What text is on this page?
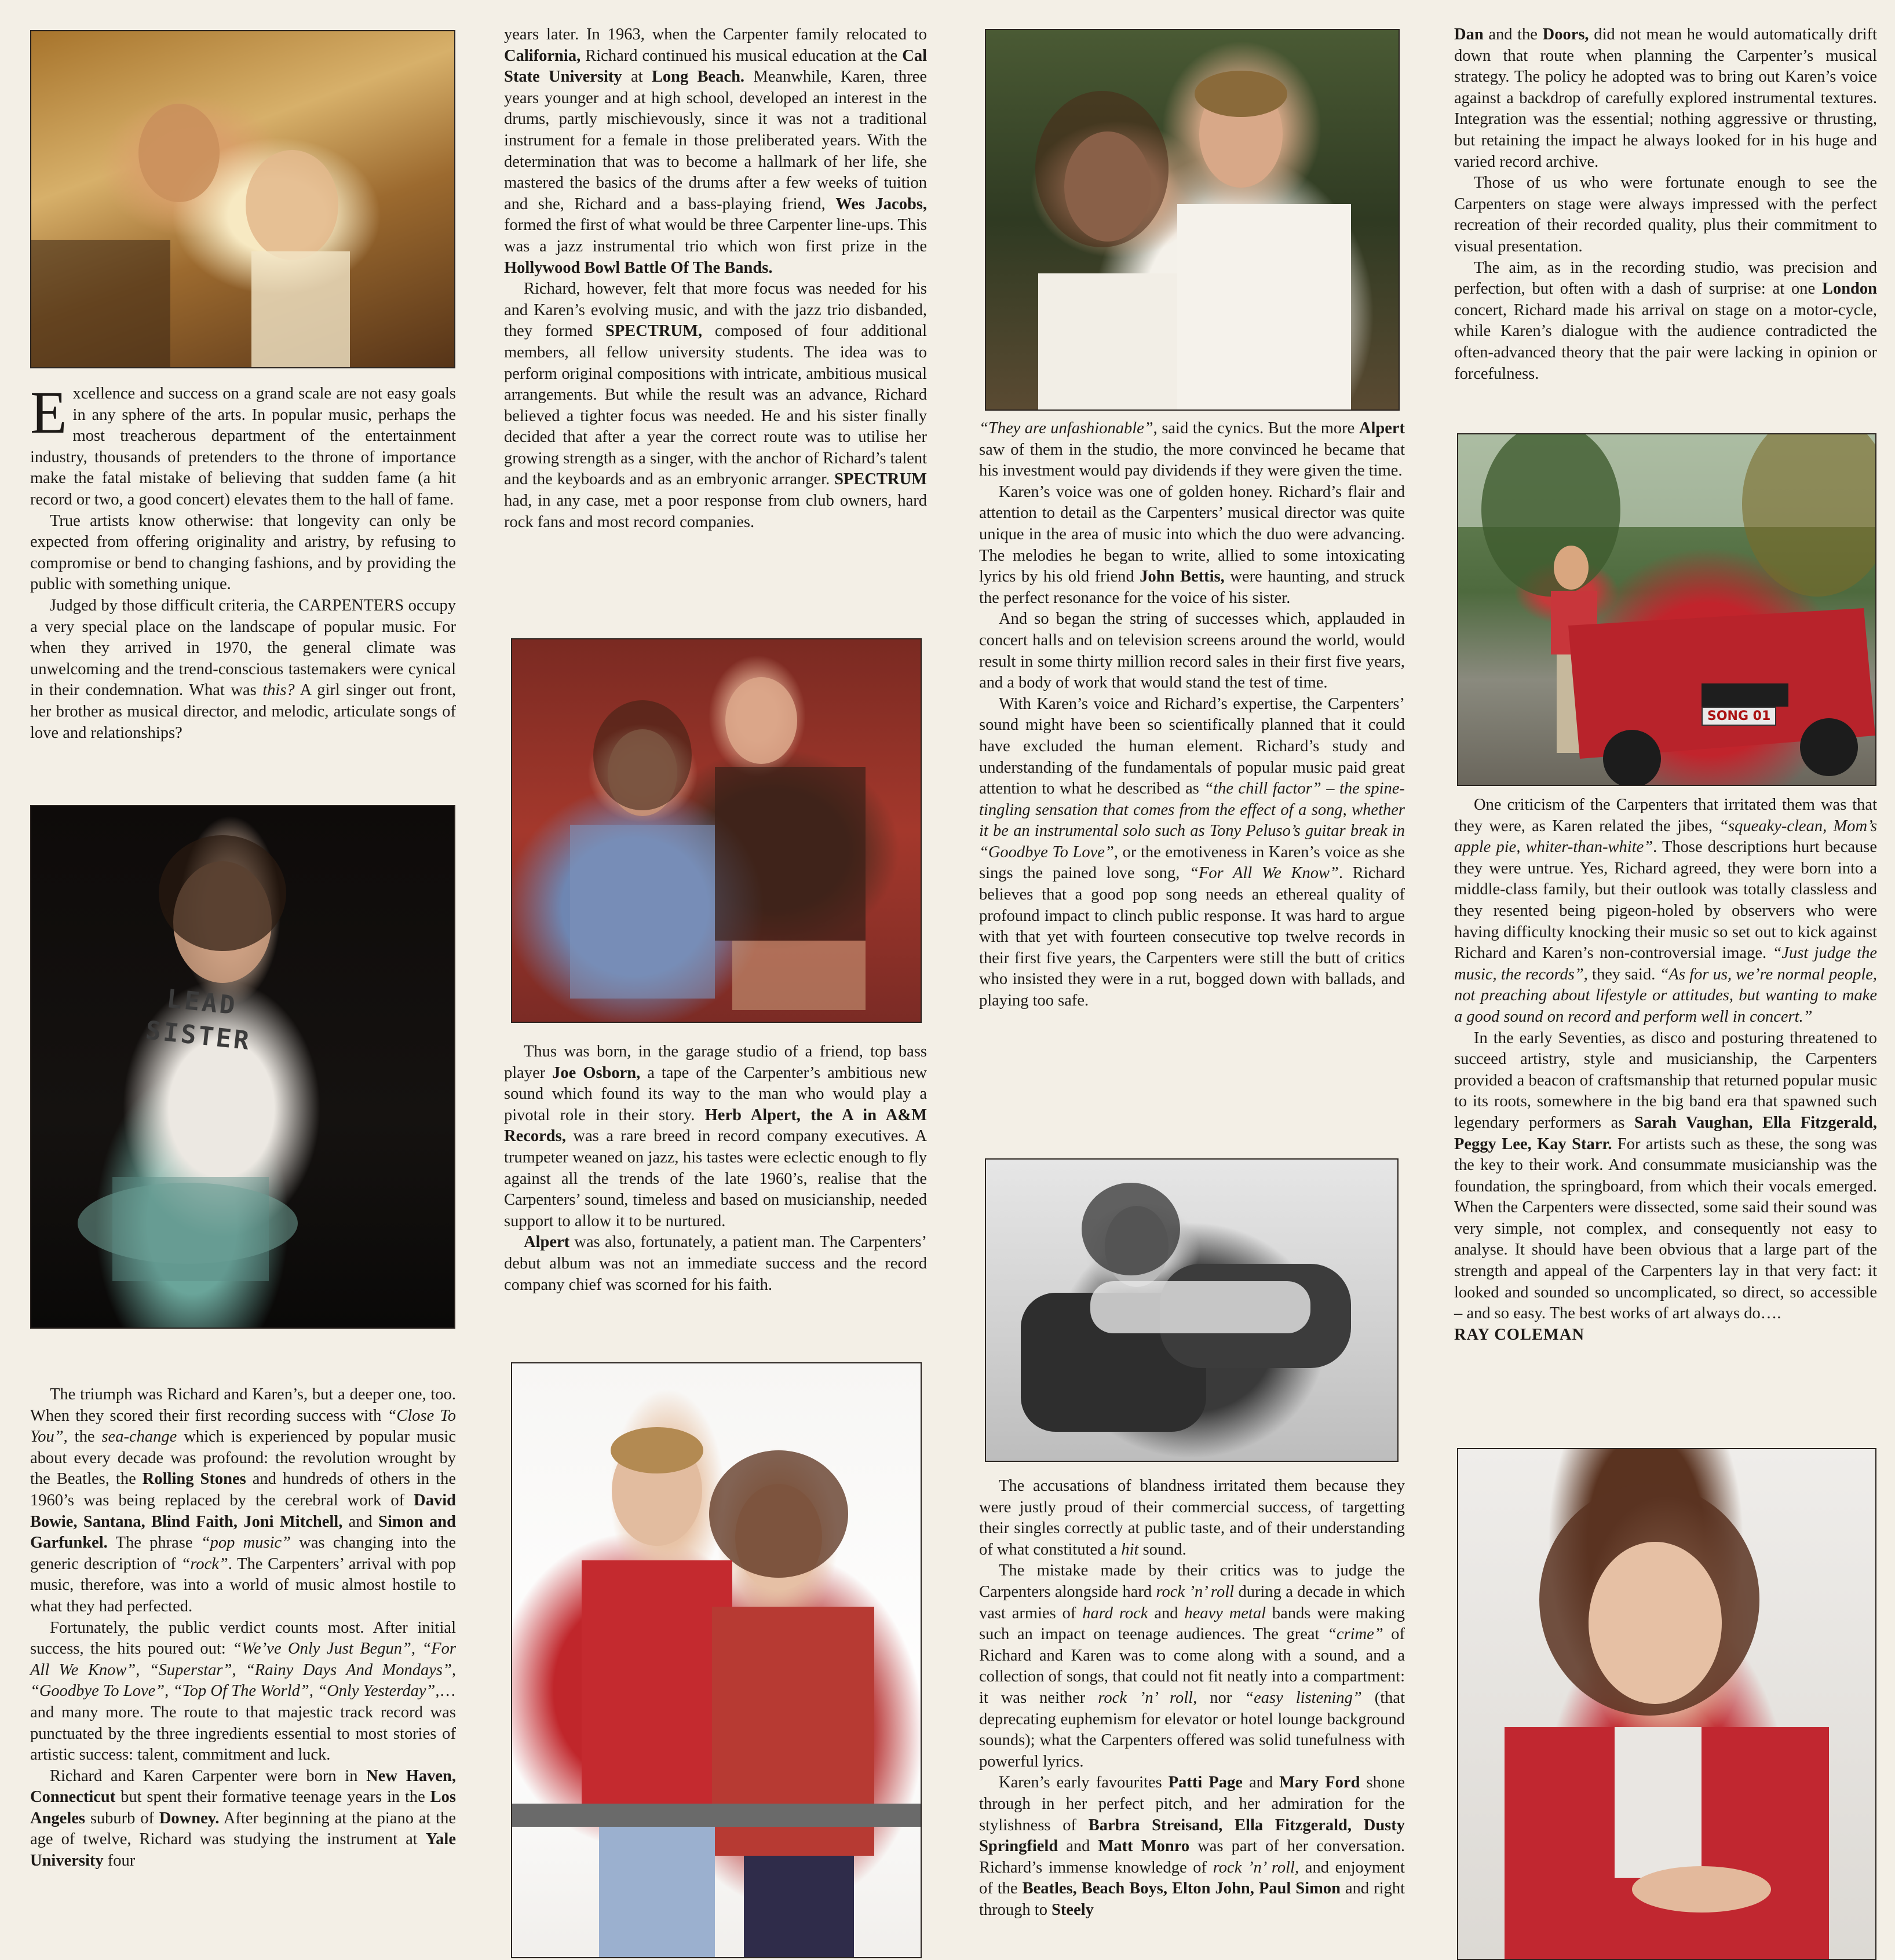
Excellence and success on a grand scale are not easy goals in any sphere of the arts. In popular music, perhaps the most treacherous department of the entertainment industry, thousands of pretenders to the throne of importance make the fatal mistake of believing that sudden fame (a hit record or two, a good concert) elevates them to the hall of fame.

True artists know otherwise: that longevity can only be expected from offering originality and aristry, by refusing to compromise or bend to changing fashions, and by providing the public with something unique.

Judged by those difficult criteria, the CARPENTERS occupy a very special place on the landscape of popular music. For when they arrived in 1970, the general climate was unwelcoming and the trend-conscious tastemakers were cynical in their condemnation. What was this? A girl singer out front, her brother as musical director, and melodic, articulate songs of love and relationships?

LEAD
SISTER

The triumph was Richard and Karen’s, but a deeper one, too. When they scored their first recording success with “Close To You”, the sea-change which is experienced by popular music about every decade was profound: the revolution wrought by the Beatles, the Rolling Stones and hundreds of others in the 1960’s was being replaced by the cerebral work of David Bowie, Santana, Blind Faith, Joni Mitchell, and Simon and Garfunkel. The phrase “pop music” was changing into the generic description of “rock”. The Carpenters’ arrival with pop music, therefore, was into a world of music almost hostile to what they had perfected.

Fortunately, the public verdict counts most. After initial success, the hits poured out: “We’ve Only Just Begun”, “For All We Know”, “Superstar”, “Rainy Days And Mondays”, “Goodbye To Love”, “Top Of The World”, “Only Yesterday”,…and many more. The route to that majestic track record was punctuated by the three ingredients essential to most stories of artistic success: talent, commitment and luck.

Richard and Karen Carpenter were born in New Haven, Connecticut but spent their formative teenage years in the Los Angeles suburb of Downey. After beginning at the piano at the age of twelve, Richard was studying the instrument at Yale University four

years later. In 1963, when the Carpenter family relocated to California, Richard continued his musical education at the Cal State University at Long Beach. Meanwhile, Karen, three years younger and at high school, developed an interest in the drums, partly mischievously, since it was not a traditional instrument for a female in those preliberated years. With the determination that was to become a hallmark of her life, she mastered the basics of the drums after a few weeks of tuition and she, Richard and a bass-playing friend, Wes Jacobs, formed the first of what would be three Carpenter line-ups. This was a jazz instrumental trio which won first prize in the Hollywood Bowl Battle Of The Bands.

Richard, however, felt that more focus was needed for his and Karen’s evolving music, and with the jazz trio disbanded, they formed SPECTRUM, composed of four additional members, all fellow university students. The idea was to perform original compositions with intricate, ambitious musical arrangements. But while the result was an advance, Richard believed a tighter focus was needed. He and his sister finally decided that after a year the correct route was to utilise her growing strength as a singer, with the anchor of Richard’s talent and the keyboards and as an embryonic arranger. SPECTRUM had, in any case, met a poor response from club owners, hard rock fans and most record companies.

Thus was born, in the garage studio of a friend, top bass player Joe Osborn, a tape of the Carpenter’s ambitious new sound which found its way to the man who would play a pivotal role in their story. Herb Alpert, the A in A&M Records, was a rare breed in record company executives. A trumpeter weaned on jazz, his tastes were eclectic enough to fly against all the trends of the late 1960’s, realise that the Carpenters’ sound, timeless and based on musicianship, needed support to allow it to be nurtured.

Alpert was also, fortunately, a patient man. The Carpenters’ debut album was not an immediate success and the record company chief was scorned for his faith.

“They are unfashionable”, said the cynics. But the more Alpert saw of them in the studio, the more convinced he became that his investment would pay dividends if they were given the time.

Karen’s voice was one of golden honey. Richard’s flair and attention to detail as the Carpenters’ musical director was quite unique in the area of music into which the duo were advancing. The melodies he began to write, allied to some intoxicating lyrics by his old friend John Bettis, were haunting, and struck the perfect resonance for the voice of his sister.

And so began the string of successes which, applauded in concert halls and on television screens around the world, would result in some thirty million record sales in their first five years, and a body of work that would stand the test of time.

With Karen’s voice and Richard’s expertise, the Carpenters’ sound might have been so scientifically planned that it could have excluded the human element. Richard’s study and understanding of the fundamentals of popular music paid great attention to what he described as “the chill factor” – the spine-tingling sensation that comes from the effect of a song, whether it be an instrumental solo such as Tony Peluso’s guitar break in “Goodbye To Love”, or the emotiveness in Karen’s voice as she sings the pained love song, “For All We Know”. Richard believes that a good pop song needs an ethereal quality of profound impact to clinch public response. It was hard to argue with that yet with fourteen consecutive top twelve records in their first five years, the Carpenters were still the butt of critics who insisted they were in a rut, bogged down with ballads, and playing too safe.

The accusations of blandness irritated them because they were justly proud of their commercial success, of targetting their singles correctly at public taste, and of their understanding of what constituted a hit sound.

The mistake made by their critics was to judge the Carpenters alongside hard rock ’n’ roll during a decade in which vast armies of hard rock and heavy metal bands were making such an impact on teenage audiences. The great “crime” of Richard and Karen was to come along with a sound, and a collection of songs, that could not fit neatly into a compartment: it was neither rock ’n’ roll, nor “easy listening” (that deprecating euphemism for elevator or hotel lounge background sounds); what the Carpenters offered was solid tunefulness with powerful lyrics.

Karen’s early favourites Patti Page and Mary Ford shone through in her perfect pitch, and her admiration for the stylishness of Barbra Streisand, Ella Fitzgerald, Dusty Springfield and Matt Monro was part of her conversation. Richard’s immense knowledge of rock ’n’ roll, and enjoyment of the Beatles, Beach Boys, Elton John, Paul Simon and right through to Steely

Dan and the Doors, did not mean he would automatically drift down that route when planning the Carpenter’s musical strategy. The policy he adopted was to bring out Karen’s voice against a backdrop of carefully explored instrumental textures. Integration was the essential; nothing aggressive or thrusting, but retaining the impact he always looked for in his huge and varied record archive.

Those of us who were fortunate enough to see the Carpenters on stage were always impressed with the perfect recreation of their recorded quality, plus their commitment to visual presentation.

The aim, as in the recording studio, was precision and perfection, but often with a dash of surprise: at one London concert, Richard made his arrival on stage on a motor-cycle, while Karen’s dialogue with the audience contradicted the often-advanced theory that the pair were lacking in opinion or forcefulness.

SONG 01

One criticism of the Carpenters that irritated them was that they were, as Karen related the jibes, “squeaky-clean, Mom’s apple pie, whiter-than-white”. Those descriptions hurt because they were untrue. Yes, Richard agreed, they were born into a middle-class family, but their outlook was totally classless and they resented being pigeon-holed by observers who were having difficulty knocking their music so set out to kick against Richard and Karen’s non-controversial image. “Just judge the music, the records”, they said. “As for us, we’re normal people, not preaching about lifestyle or attitudes, but wanting to make a good sound on record and perform well in concert.”

In the early Seventies, as disco and posturing threatened to succeed artistry, style and musicianship, the Carpenters provided a beacon of craftsmanship that returned popular music to its roots, somewhere in the big band era that spawned such legendary performers as Sarah Vaughan, Ella Fitzgerald, Peggy Lee, Kay Starr. For artists such as these, the song was the key to their work. And consummate musicianship was the foundation, the springboard, from which their vocals emerged. When the Carpenters were dissected, some said their sound was very simple, not complex, and consequently not easy to analyse. It should have been obvious that a large part of the strength and appeal of the Carpenters lay in that very fact: it looked and sounded so uncomplicated, so direct, so accessible – and so easy. The best works of art always do….

RAY COLEMAN
